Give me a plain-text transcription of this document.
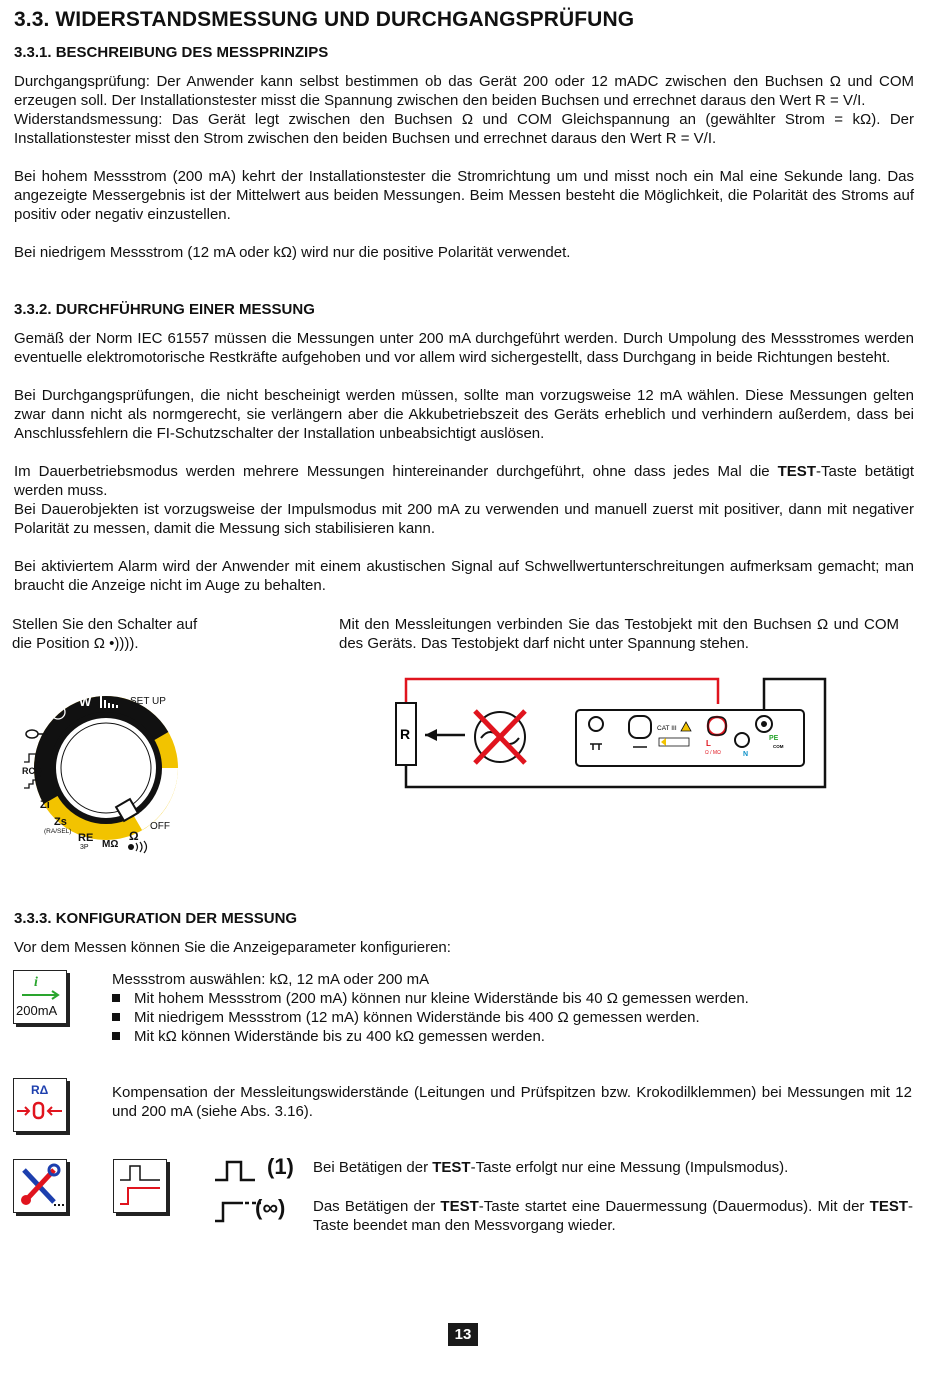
3.3. WIDERSTANDSMESSUNG UND DURCHGANGSPRÜFUNG
3.3.1. BESCHREIBUNG DES MESSPRINZIPS
Durchgangsprüfung: Der Anwender kann selbst bestimmen ob das Gerät 200 oder 12 mADC zwischen den Buchsen Ω und COM erzeugen soll. Der Installationstester misst die Spannung zwischen den beiden Buchsen und errechnet daraus den Wert R = V/I.
Widerstandsmessung: Das Gerät legt zwischen den Buchsen Ω und COM Gleichspannung an (gewählter Strom = kΩ). Der Installationstester misst den Strom zwischen den beiden Buchsen und errechnet daraus den Wert R = V/I.
Bei hohem Messstrom (200 mA) kehrt der Installationstester die Stromrichtung um und misst noch ein Mal eine Sekunde lang. Das angezeigte Messergebnis ist der Mittelwert aus beiden Messungen. Beim Messen besteht die Möglichkeit, die Polarität des Stroms auf positiv oder negativ einzustellen.
Bei niedrigem Messstrom (12 mA oder kΩ) wird nur die positive Polarität verwendet.
3.3.2. DURCHFÜHRUNG EINER MESSUNG
Gemäß der Norm IEC 61557 müssen die Messungen unter 200 mA durchgeführt werden. Durch Umpolung des Messstromes werden eventuelle elektromotorische Restkräfte aufgehoben und vor allem wird sichergestellt, dass Durchgang in beide Richtungen besteht.
Bei Durchgangsprüfungen, die nicht bescheinigt werden müssen, sollte man vorzugsweise 12 mA wählen. Diese Messungen gelten zwar dann nicht als normgerecht, sie verlängern aber die Akkubetriebszeit des Geräts erheblich und verhindern außerdem, dass bei Anschlussfehlern die FI-Schutzschalter der Installation unbeabsichtigt auslösen.
Im Dauerbetriebsmodus werden mehrere Messungen hintereinander durchgeführt, ohne dass jedes Mal die TEST-Taste betätigt werden muss.
Bei Dauerobjekten ist vorzugsweise der Impulsmodus mit 200 mA zu verwenden und manuell zuerst mit positiver, dann mit negativer Polarität zu messen, damit die Messung sich stabilisieren kann.
Bei aktiviertem Alarm wird der Anwender mit einem akustischen Signal auf Schwellwertunterschreitungen aufmerksam gemacht; man braucht die Anzeige nicht im Auge zu behalten.
Stellen Sie den Schalter auf
die Position Ω •)))).
Mit den Messleitungen verbinden Sie das Testobjekt mit den Buchsen Ω und COM des Geräts. Das Testobjekt darf nicht unter Spannung stehen.
W	SET UP
RCD
Zi
Zs
(RA/SEL)
RE
3P MΩ
Ω
OFF
R	CAT III
L
Ω / MΩ	N
PE
COM
3.3.3. KONFIGURATION DER MESSUNG
Vor dem Messen können Sie die Anzeigeparameter konfigurieren:
i
200mA
Messstrom auswählen: kΩ, 12 mA oder 200 mA
Mit hohem Messstrom (200 mA) können nur kleine Widerstände bis 40 Ω gemessen werden.
Mit niedrigem Messstrom (12 mA) können Widerstände bis 400 Ω gemessen werden.
Mit kΩ können Widerstände bis zu 400 kΩ gemessen werden.
RΔ	Kompensation der Messleitungswiderstände (Leitungen und Prüfspitzen bzw. Krokodilklemmen) bei Messungen mit 12 und 200 mA (siehe Abs. 3.16).
(1) Bei Betätigen der TEST-Taste erfolgt nur eine Messung (Impulsmodus).
(∞) Das Betätigen der TEST-Taste startet eine Dauermessung (Dauermodus). Mit der TEST-Taste beendet man den Messvorgang wieder.
13
